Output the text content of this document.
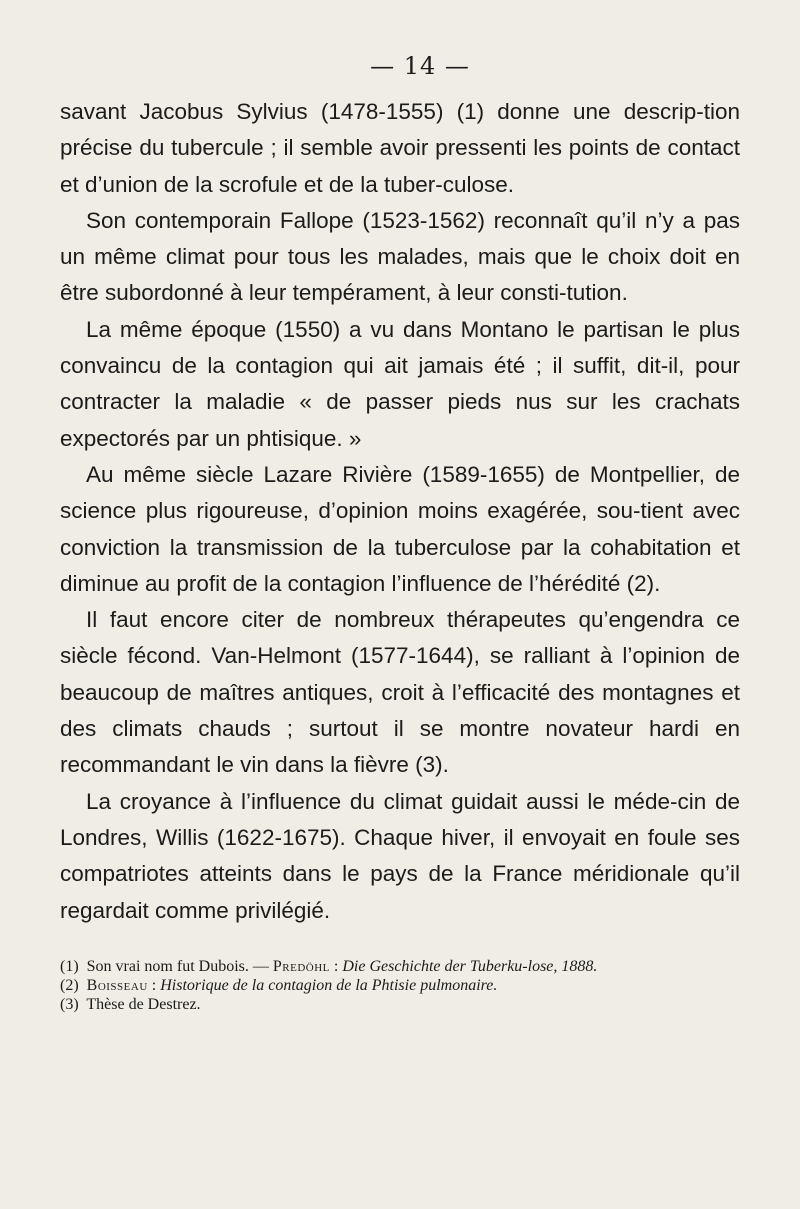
— 14 —

savant Jacobus Sylvius (1478-1555) (1) donne une descrip-tion précise du tubercule ; il semble avoir pressenti les points de contact et d’union de la scrofule et de la tuber-culose.

Son contemporain Fallope (1523-1562) reconnaît qu’il n’y a pas un même climat pour tous les malades, mais que le choix doit en être subordonné à leur tempérament, à leur consti-tution.

La même époque (1550) a vu dans Montano le partisan le plus convaincu de la contagion qui ait jamais été ; il suffit, dit-il, pour contracter la maladie « de passer pieds nus sur les crachats expectorés par un phtisique. »

Au même siècle Lazare Rivière (1589-1655) de Montpellier, de science plus rigoureuse, d’opinion moins exagérée, sou-tient avec conviction la transmission de la tuberculose par la cohabitation et diminue au profit de la contagion l’influence de l’hérédité (2).

Il faut encore citer de nombreux thérapeutes qu’engendra ce siècle fécond. Van-Helmont (1577-1644), se ralliant à l’opinion de beaucoup de maîtres antiques, croit à l’efficacité des montagnes et des climats chauds ; surtout il se montre novateur hardi en recommandant le vin dans la fièvre (3).

La croyance à l’influence du climat guidait aussi le méde-cin de Londres, Willis (1622-1675). Chaque hiver, il envoyait en foule ses compatriotes atteints dans le pays de la France méridionale qu’il regardait comme privilégié.

(1) Son vrai nom fut Dubois. — Predöhl : Die Geschichte der Tuberku-lose, 1888.

(2) Boisseau : Historique de la contagion de la Phtisie pulmonaire.

(3) Thèse de Destrez.
